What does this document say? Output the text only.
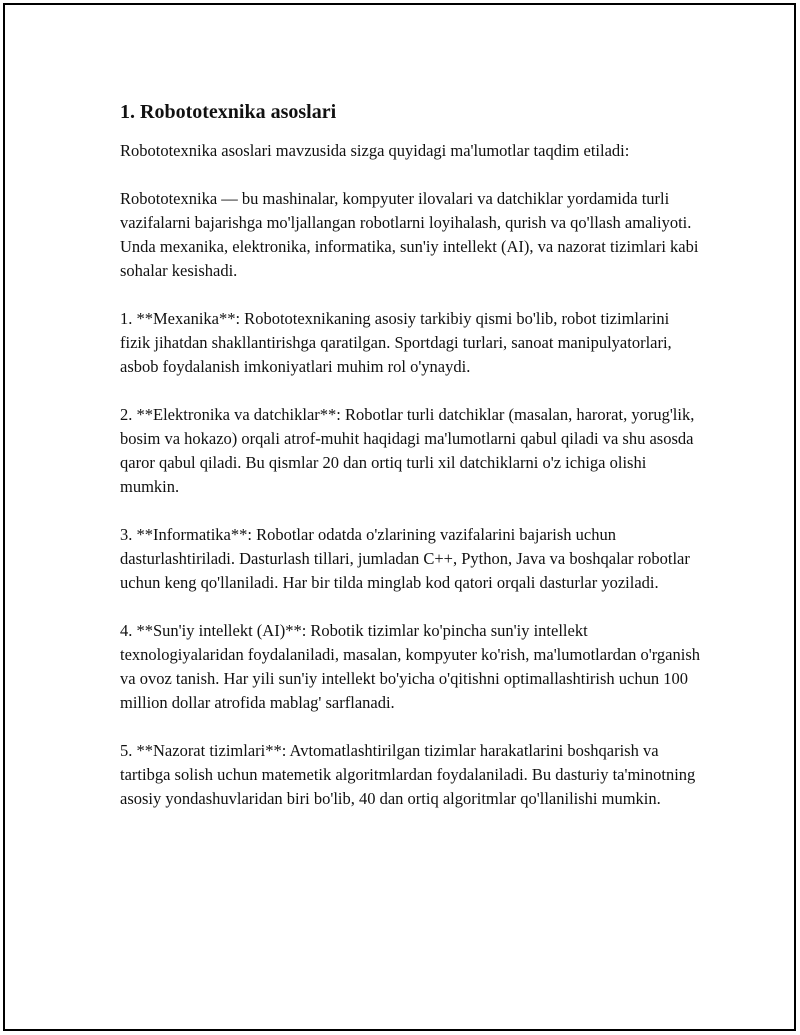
1. Robototexnika asoslari

Robototexnika asoslari mavzusida sizga quyidagi ma'lumotlar taqdim etiladi:

Robototexnika — bu mashinalar, kompyuter ilovalari va datchiklar yordamida turli vazifalarni bajarishga mo'ljallangan robotlarni loyihalash, qurish va qo'llash amaliyoti. Unda mexanika, elektronika, informatika, sun'iy intellekt (AI), va nazorat tizimlari kabi sohalar kesishadi.

1. **Mexanika**: Robototexnikaning asosiy tarkibiy qismi bo'lib, robot tizimlarini fizik jihatdan shakllantirishga qaratilgan. Sportdagi turlari, sanoat manipulyatorlari, asbob foydalanish imkoniyatlari muhim rol o'ynaydi.

2. **Elektronika va datchiklar**: Robotlar turli datchiklar (masalan, harorat, yorug'lik, bosim va hokazo) orqali atrof-muhit haqidagi ma'lumotlarni qabul qiladi va shu asosda qaror qabul qiladi. Bu qismlar 20 dan ortiq turli xil datchiklarni o'z ichiga olishi mumkin.

3. **Informatika**: Robotlar odatda o'zlarining vazifalarini bajarish uchun dasturlashtiriladi. Dasturlash tillari, jumladan C++, Python, Java va boshqalar robotlar uchun keng qo'llaniladi. Har bir tilda minglab kod qatori orqali dasturlar yoziladi.

4. **Sun'iy intellekt (AI)**: Robotik tizimlar ko'pincha sun'iy intellekt texnologiyalaridan foydalaniladi, masalan, kompyuter ko'rish, ma'lumotlardan o'rganish va ovoz tanish. Har yili sun'iy intellekt bo'yicha o'qitishni optimallashtirish uchun 100 million dollar atrofida mablag' sarflanadi.

5. **Nazorat tizimlari**: Avtomatlashtirilgan tizimlar harakatlarini boshqarish va tartibga solish uchun matemetik algoritmlardan foydalaniladi. Bu dasturiy ta'minotning asosiy yondashuvlaridan biri bo'lib, 40 dan ortiq algoritmlar qo'llanilishi mumkin.
